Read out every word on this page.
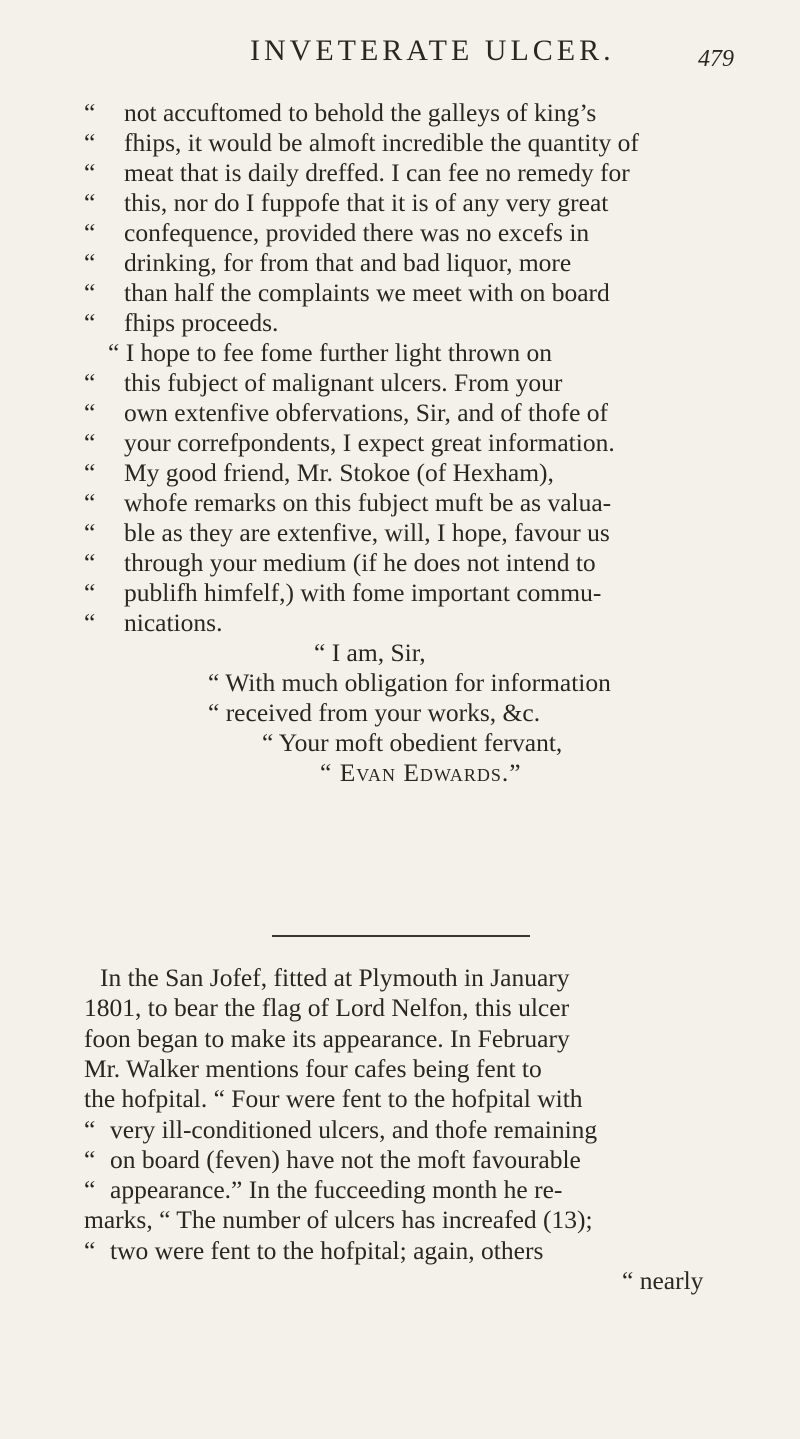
INVETERATE ULCER.	479
“	not accuftomed to behold the galleys of king’s
“	fhips, it would be almoft incredible the quantity of
“	meat that is daily dreffed. I can fee no remedy for
“	this, nor do I fuppofe that it is of any very great
“	confequence, provided there was no excefs in
“	drinking, for from that and bad liquor, more
“	than half the complaints we meet with on board
“	fhips proceeds.
“ I hope to fee fome further light thrown on
“	this fubject of malignant ulcers. From your
“	own extenfive obfervations, Sir, and of thofe of
“	your correfpondents, I expect great information.
“	My good friend, Mr. Stokoe (of Hexham),
“	whofe remarks on this fubject muft be as valua-
“	ble as they are extenfive, will, I hope, favour us
“	through your medium (if he does not intend to
“	publifh himfelf,) with fome important commu-
“	nications.
“ I am, Sir,
“ With much obligation for information
“ received from your works, &c.
“ Your moft obedient fervant,
“ Evan Edwards.”
In the San Jofef, fitted at Plymouth in January
1801, to bear the flag of Lord Nelfon, this ulcer
foon began to make its appearance. In February
Mr. Walker mentions four cafes being fent to
the hofpital. “ Four were fent to the hofpital with
“ very ill-conditioned ulcers, and thofe remaining
“ on board (feven) have not the moft favourable
“ appearance.” In the fucceeding month he re-
marks, “ The number of ulcers has increafed (13);
“ two were fent to the hofpital; again, others
“ nearly
